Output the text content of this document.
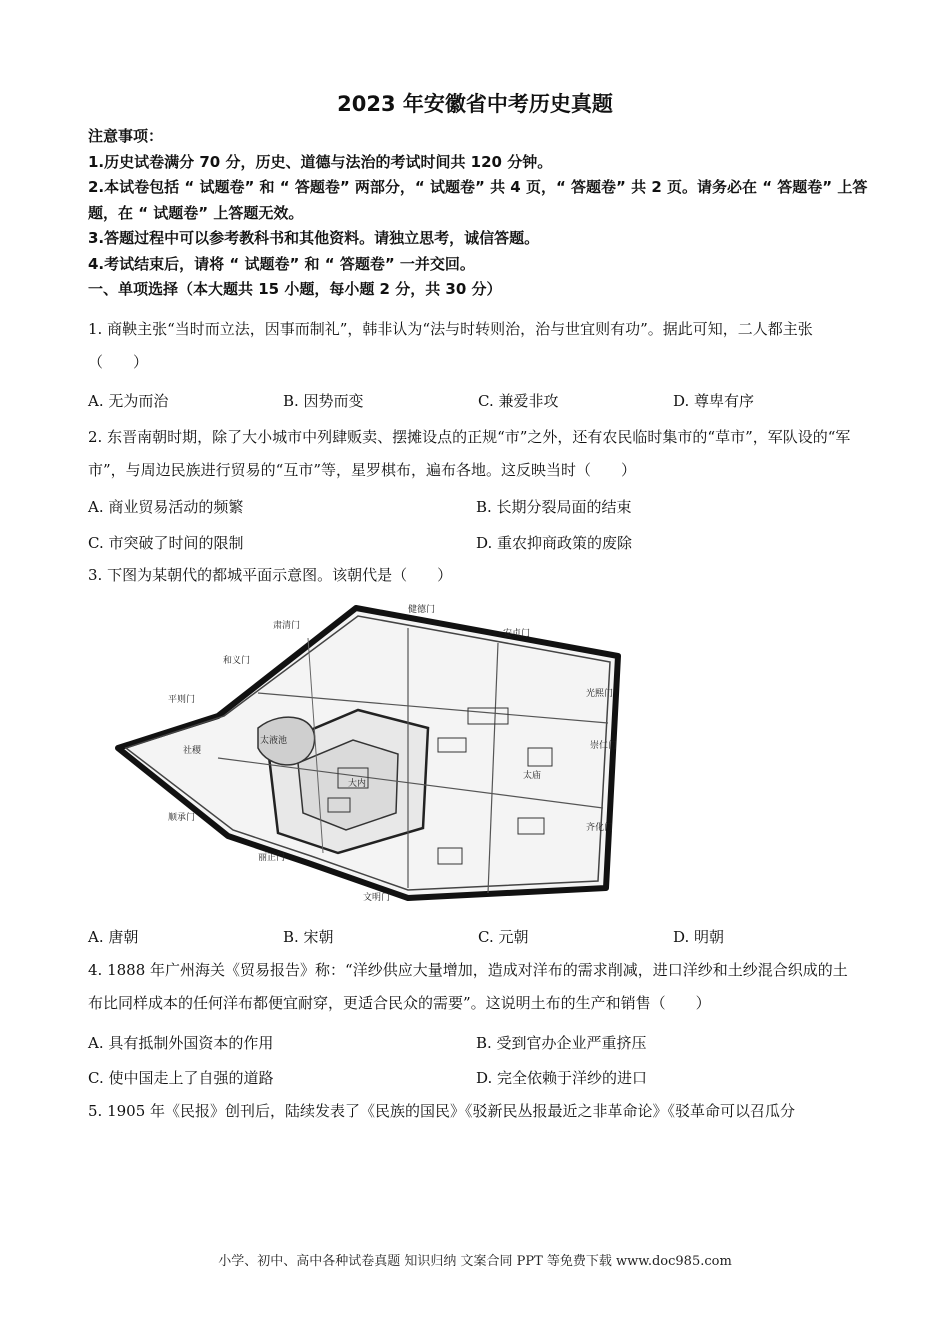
2023 年安徽省中考历史真题
注意事项：
1.历史试卷满分 70 分，历史、道德与法治的考试时间共 120 分钟。
2.本试卷包括 “ 试题卷” 和 “ 答题卷” 两部分，“ 试题卷” 共 4 页，“ 答题卷” 共 2 页。请务必在 “ 答题卷” 上答题，在 “ 试题卷” 上答题无效。
3.答题过程中可以参考教科书和其他资料。请独立思考，诚信答题。
4.考试结束后，请将 “ 试题卷” 和 “ 答题卷” 一并交回。
一、单项选择（本大题共 15 小题，每小题 2 分，共 30 分）
1. 商鞅主张“当时而立法，因事而制礼”，韩非认为“法与时转则治，治与世宜则有功”。据此可知，二人都主张（　　）
A. 无为而治	B. 因势而变	C. 兼爱非攻	D. 尊卑有序
2. 东晋南朝时期，除了大小城市中列肆贩卖、摆摊设点的正规“市”之外，还有农民临时集市的“草市”，军队设的“军市”，与周边民族进行贸易的“互市”等，星罗棋布，遍布各地。这反映当时（　　）
A. 商业贸易活动的频繁	B. 长期分裂局面的结束
C. 市突破了时间的限制	D. 重农抑商政策的废除
3. 下图为某朝代的都城平面示意图。该朝代是（　　）
健德门
安贞门
肃清门
和义门
平则门
光熙门
崇仁门
齐化门
顺承门
丽正门
文明门
太液池
大内
太庙
社稷
A. 唐朝	B. 宋朝	C. 元朝	D. 明朝
4. 1888 年广州海关《贸易报告》称：“洋纱供应大量增加，造成对洋布的需求削减，进口洋纱和土纱混合织成的土布比同样成本的任何洋布都便宜耐穿，更适合民众的需要”。这说明土布的生产和销售（　　）
A. 具有抵制外国资本的作用	B. 受到官办企业严重挤压
C. 使中国走上了自强的道路	D. 完全依赖于洋纱的进口
5. 1905 年《民报》创刊后，陆续发表了《民族的国民》《驳新民丛报最近之非革命论》《驳革命可以召瓜分
小学、初中、高中各种试卷真题 知识归纳 文案合同 PPT 等免费下载 www.doc985.com
